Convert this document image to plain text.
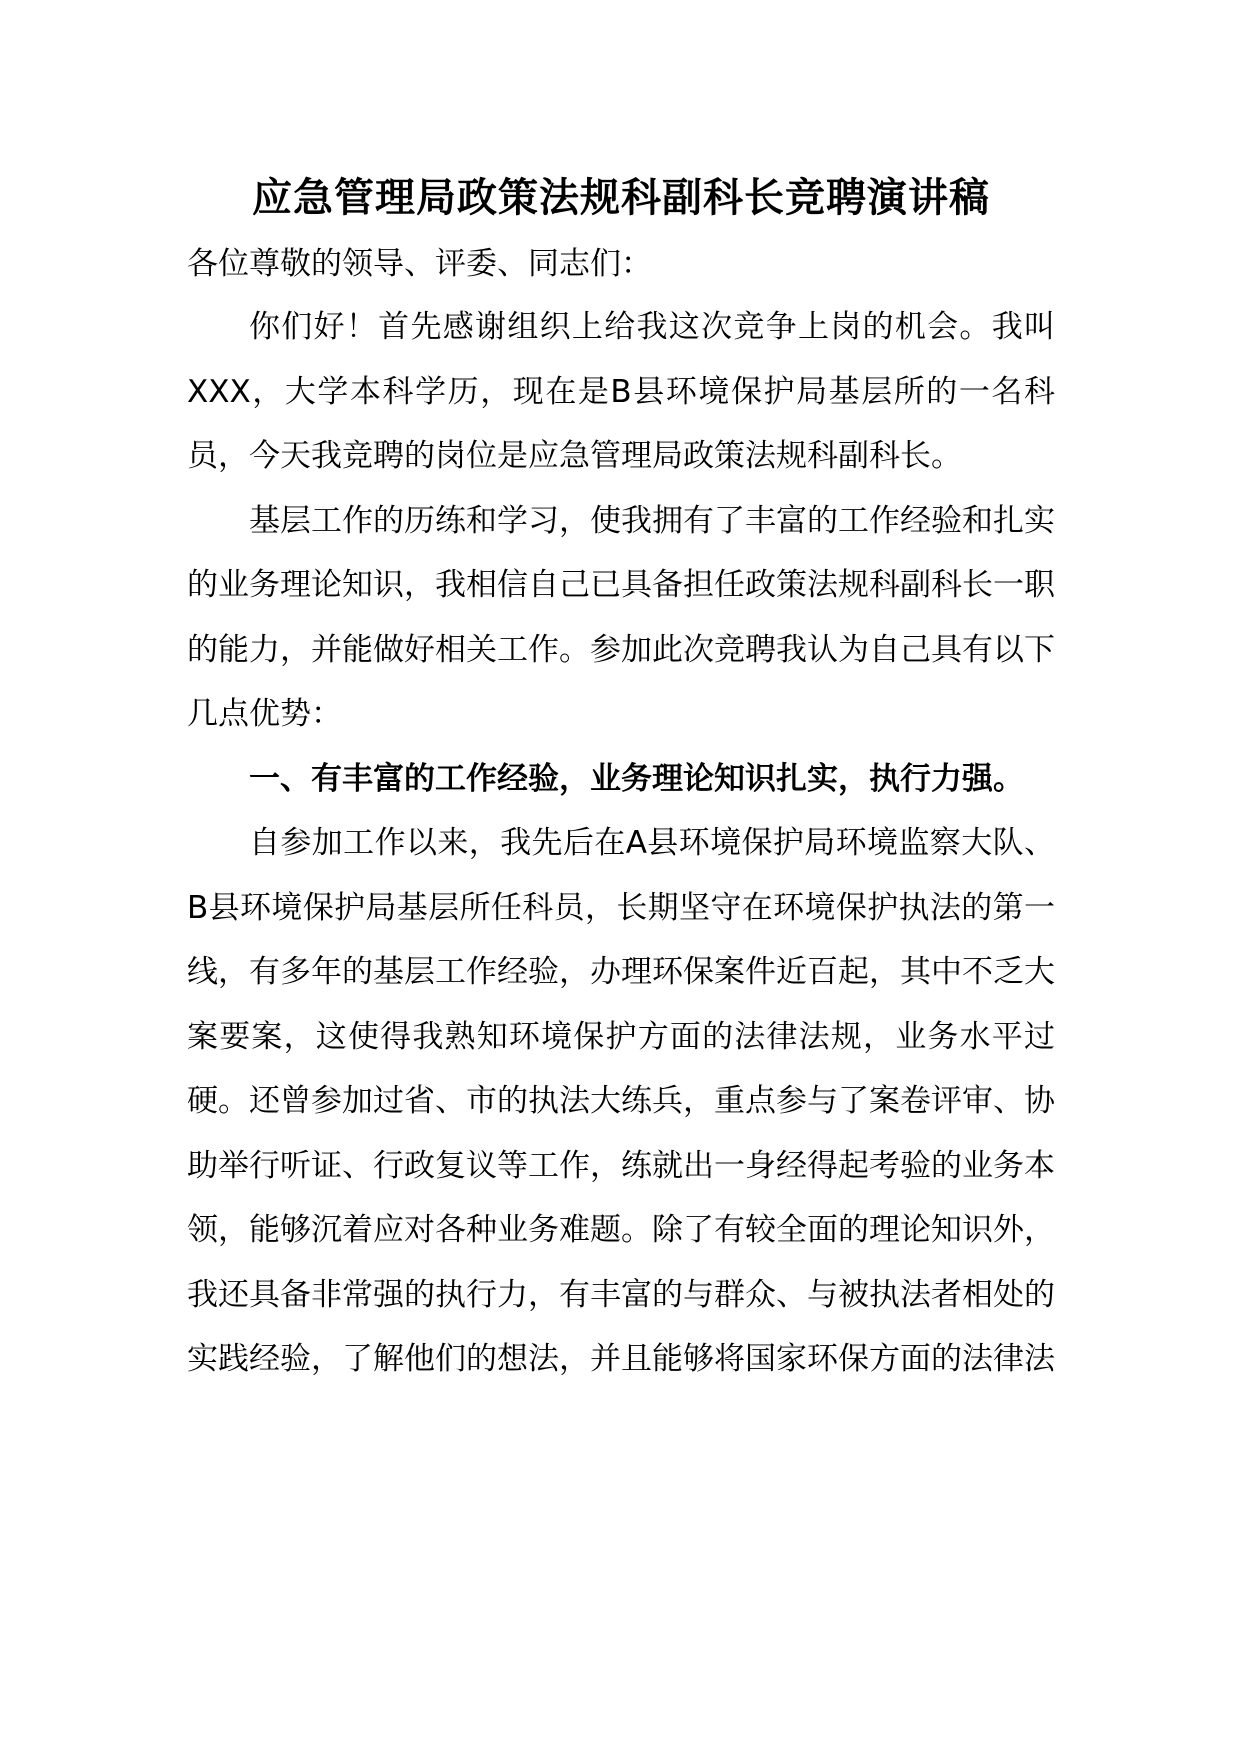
应急管理局政策法规科副科长竞聘演讲稿

各位尊敬的领导、评委、同志们：

你们好！首先感谢组织上给我这次竞争上岗的机会。我叫XXX，大学本科学历，现在是B县环境保护局基层所的一名科员，今天我竞聘的岗位是应急管理局政策法规科副科长。

基层工作的历练和学习，使我拥有了丰富的工作经验和扎实的业务理论知识，我相信自己已具备担任政策法规科副科长一职的能力，并能做好相关工作。参加此次竞聘我认为自己具有以下几点优势：

一、有丰富的工作经验，业务理论知识扎实，执行力强。

自参加工作以来，我先后在A县环境保护局环境监察大队、B县环境保护局基层所任科员，长期坚守在环境保护执法的第一线，有多年的基层工作经验，办理环保案件近百起，其中不乏大案要案，这使得我熟知环境保护方面的法律法规，业务水平过硬。还曾参加过省、市的执法大练兵，重点参与了案卷评审、协助举行听证、行政复议等工作，练就出一身经得起考验的业务本领，能够沉着应对各种业务难题。除了有较全面的理论知识外，我还具备非常强的执行力，有丰富的与群众、与被执法者相处的实践经验，了解他们的想法，并且能够将国家环保方面的法律法
